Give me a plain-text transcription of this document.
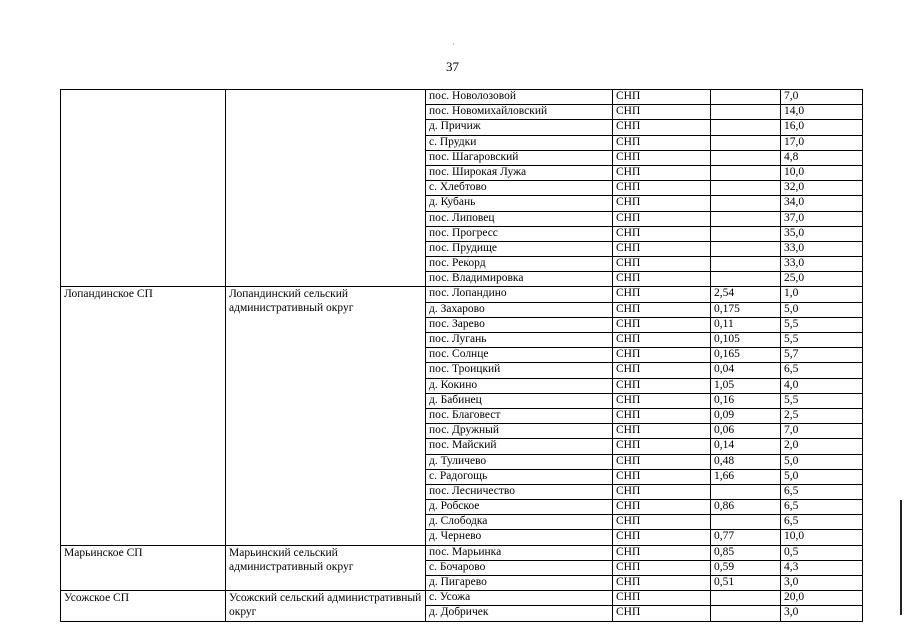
·
37
		пос. Новолозовой	СНП		7,0
		пос. Новомихайловский	СНП		14,0
		д. Причиж	СНП		16,0
		с. Прудки	СНП		17,0
		пос. Шагаровский	СНП		4,8
		пос. Широкая Лужа	СНП		10,0
		с. Хлебтово	СНП		32,0
		д. Кубань	СНП		34,0
		пос. Липовец	СНП		37,0
		пос. Прогресс	СНП		35,0
		пос. Прудище	СНП		33,0
		пос. Рекорд	СНП		33,0
		пос. Владимировка	СНП		25,0
Лопандинское СП	Лопандинский сельский административный округ	пос. Лопандино	СНП	2,54	1,0
		д. Захарово	СНП	0,175	5,0
		пос. Зарево	СНП	0,11	5,5
		пос. Лугань	СНП	0,105	5,5
		пос. Солнце	СНП	0,165	5,7
		пос. Троицкий	СНП	0,04	6,5
		д. Кокино	СНП	1,05	4,0
		д. Бабинец	СНП	0,16	5,5
		пос. Благовест	СНП	0,09	2,5
		пос. Дружный	СНП	0,06	7,0
		пос. Майский	СНП	0,14	2,0
		д. Туличево	СНП	0,48	5,0
		с. Радогощь	СНП	1,66	5,0
		пос. Лесничество	СНП		6,5
		д. Робское	СНП	0,86	6,5
		д. Слободка	СНП		6,5
		д. Чернево	СНП	0,77	10,0
Марьинское СП	Марьинский сельский административный округ	пос. Марьинка	СНП	0,85	0,5
		с. Бочарово	СНП	0,59	4,3
		д. Пигарево	СНП	0,51	3,0
Усожское СП	Усожский сельский административный округ	с. Усожа	СНП		20,0
		д. Добричек	СНП		3,0
